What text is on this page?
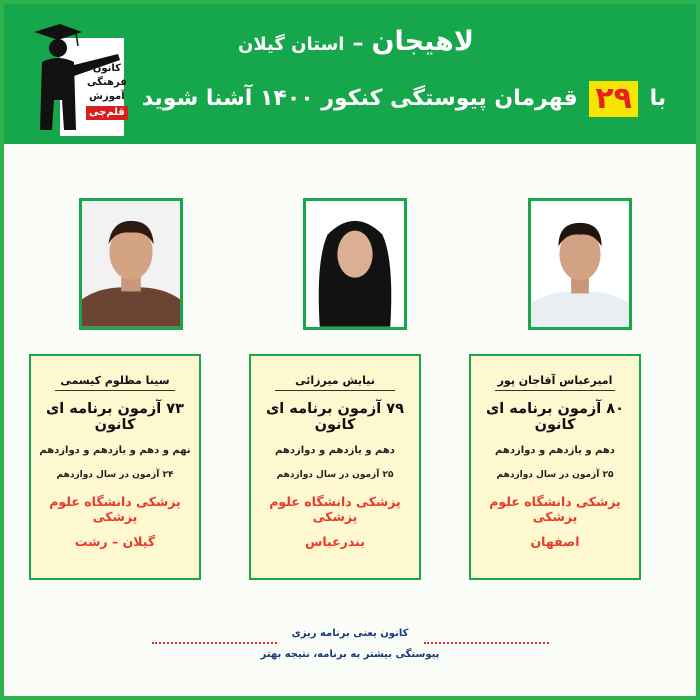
کانون
فرهنگی
آموزش
قلم‌چی
لاهیجان–استان گیلان
با ۲۹ قهرمان پیوستگی کنکور ۱۴۰۰ آشنا شوید
امیرعباس آقاجان پور
۸۰ آزمون برنامه ای کانون
دهم و یازدهم و دوازدهم
۲۵ آزمون در سال دوازدهم
پزشکی دانشگاه علوم پزشکی
اصفهان
نیایش میرزائی
۷۹ آزمون برنامه ای کانون
دهم و یازدهم و دوازدهم
۲۵ آزمون در سال دوازدهم
پزشکی دانشگاه علوم پزشکی
بندرعباس
سینا مظلوم کیسمی
۷۳ آزمون برنامه ای کانون
نهم و دهم و یازدهم و دوازدهم
۲۴ آزمون در سال دوازدهم
پزشکی دانشگاه علوم پزشکی
گیلان – رشت
کانون یعنی برنامه ریزی
پیوستگی بیشتر به برنامه، نتیجه بهتر
